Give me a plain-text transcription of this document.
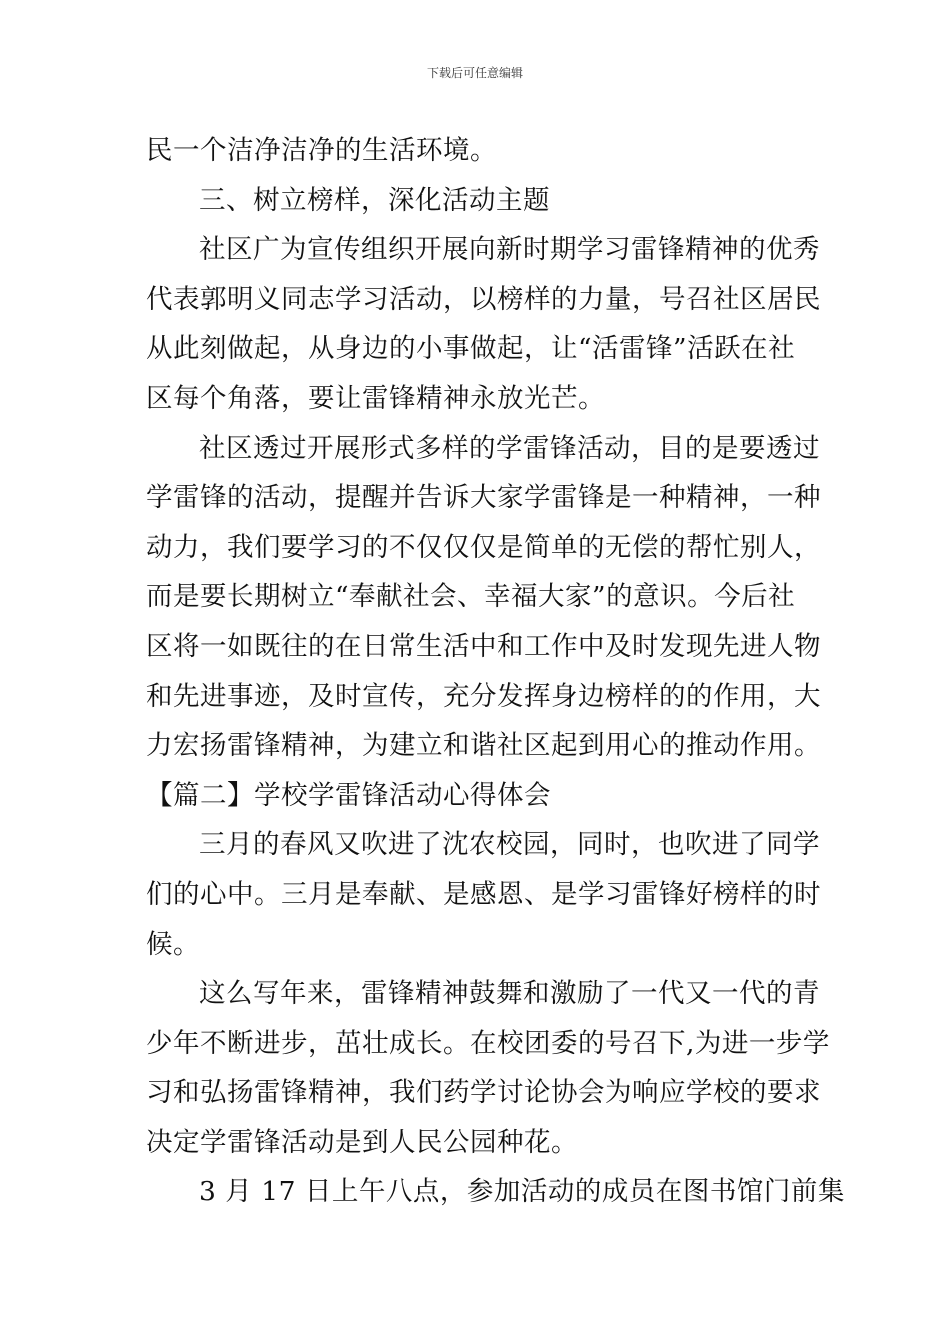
下载后可任意编辑
民一个洁净洁净的生活环境。
三、树立榜样，深化活动主题
社区广为宣传组织开展向新时期学习雷锋精神的优秀
代表郭明义同志学习活动，以榜样的力量，号召社区居民
从此刻做起，从身边的小事做起，让“活雷锋”活跃在社
区每个角落，要让雷锋精神永放光芒。
社区透过开展形式多样的学雷锋活动，目的是要透过
学雷锋的活动，提醒并告诉大家学雷锋是一种精神，一种
动力，我们要学习的不仅仅仅是简单的无偿的帮忙别人，
而是要长期树立“奉献社会、幸福大家”的意识。今后社
区将一如既往的在日常生活中和工作中及时发现先进人物
和先进事迹，及时宣传，充分发挥身边榜样的的作用，大
力宏扬雷锋精神，为建立和谐社区起到用心的推动作用。
【篇二】学校学雷锋活动心得体会
三月的春风又吹进了沈农校园，同时，也吹进了同学
们的心中。三月是奉献、是感恩、是学习雷锋好榜样的时
候。
这么写年来，雷锋精神鼓舞和激励了一代又一代的青
少年不断进步，茁壮成长。在校团委的号召下,为进一步学
习和弘扬雷锋精神，我们药学讨论协会为响应学校的要求
决定学雷锋活动是到人民公园种花。
3 月 17 日上午八点，参加活动的成员在图书馆门前集
